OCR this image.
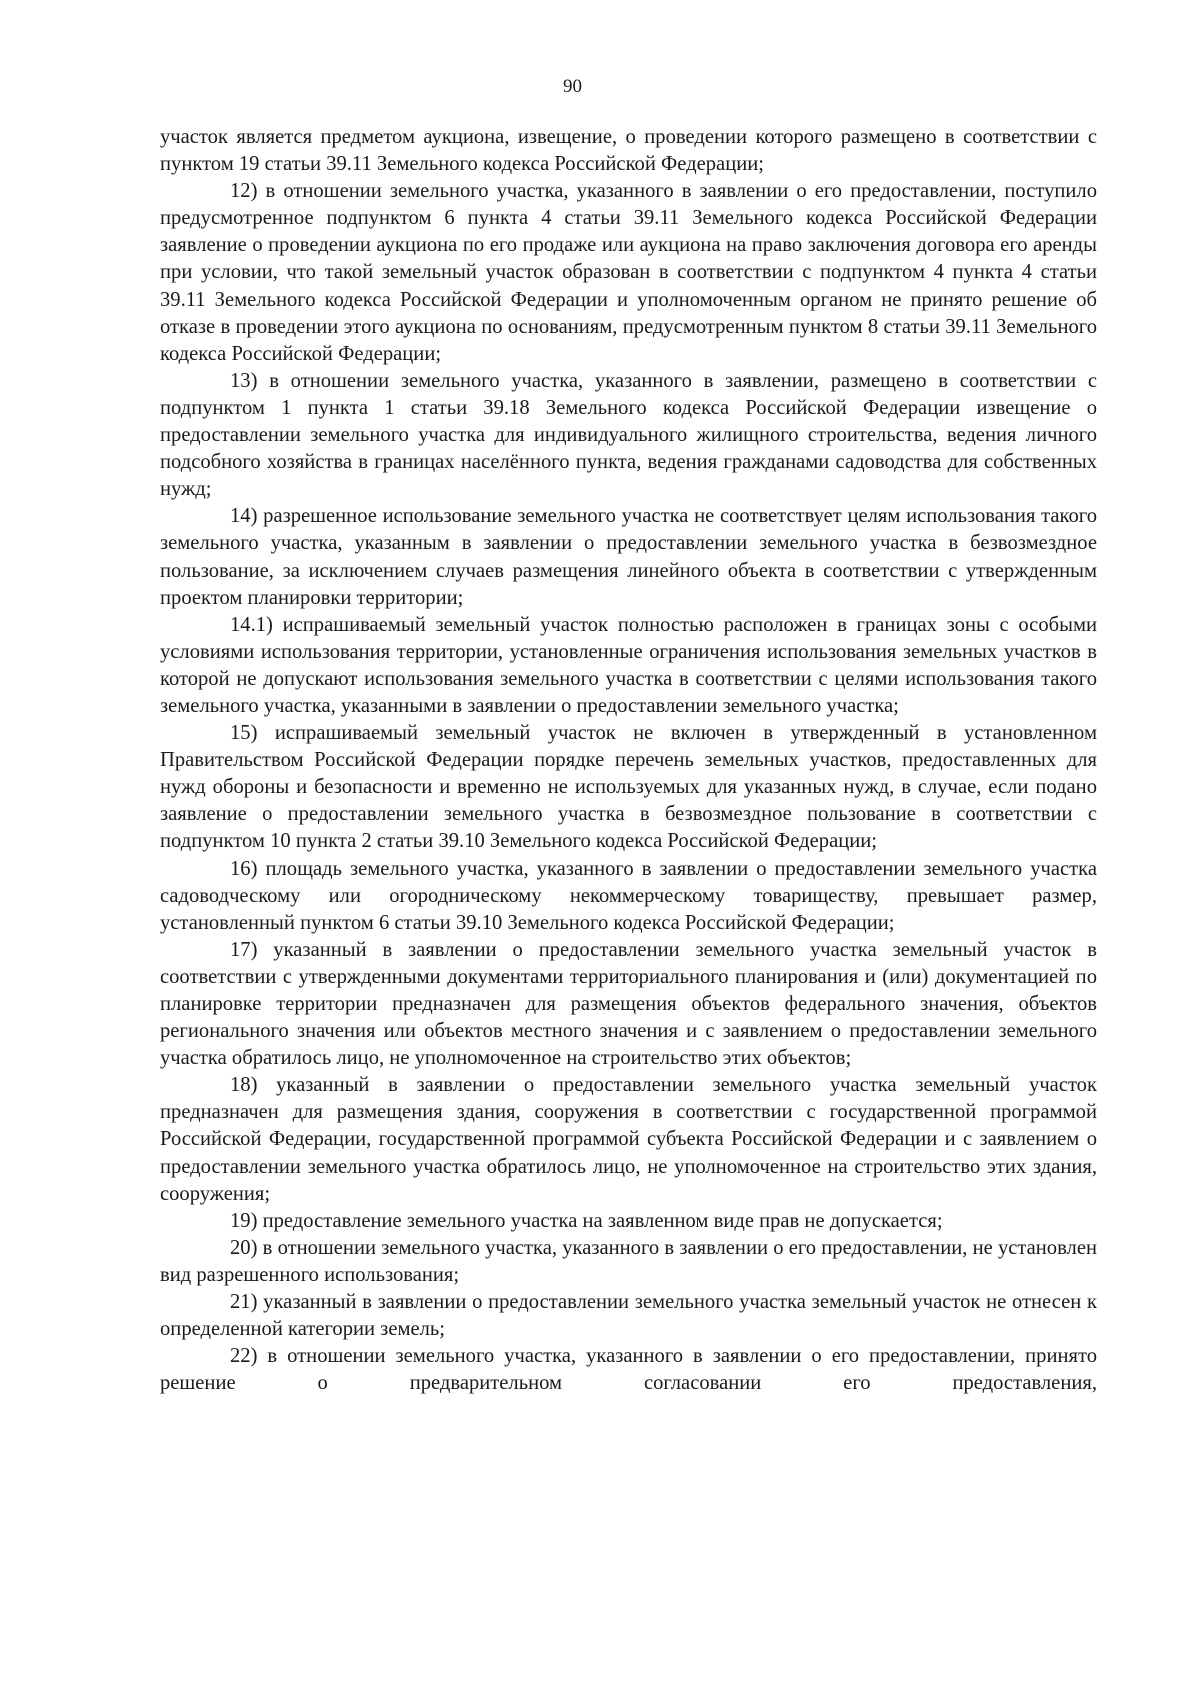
90

участок является предметом аукциона, извещение, о проведении которого размещено в соответствии с пунктом 19 статьи 39.11 Земельного кодекса Российской Федерации;

12) в отношении земельного участка, указанного в заявлении о его предоставлении, поступило предусмотренное подпунктом 6 пункта 4 статьи 39.11 Земельного кодекса Российской Федерации заявление о проведении аукциона по его продаже или аукциона на право заключения договора его аренды при условии, что такой земельный участок образован в соответствии с подпунктом 4 пункта 4 статьи 39.11 Земельного кодекса Российской Федерации и уполномоченным органом не принято решение об отказе в проведении этого аукциона по основаниям, предусмотренным пунктом 8 статьи 39.11 Земельного кодекса Российской Федерации;

13) в отношении земельного участка, указанного в заявлении, размещено в соответствии с подпунктом 1 пункта 1 статьи 39.18 Земельного кодекса Российской Федерации извещение о предоставлении земельного участка для индивидуального жилищного строительства, ведения личного подсобного хозяйства в границах населённого пункта, ведения гражданами садоводства для собственных нужд;

14) разрешенное использование земельного участка не соответствует целям использования такого земельного участка, указанным в заявлении о предоставлении земельного участка в безвозмездное пользование, за исключением случаев размещения линейного объекта в соответствии с утвержденным проектом планировки территории;

14.1) испрашиваемый земельный участок полностью расположен в границах зоны с особыми условиями использования территории, установленные ограничения использования земельных участков в которой не допускают использования земельного участка в соответствии с целями использования такого земельного участка, указанными в заявлении о предоставлении земельного участка;

15) испрашиваемый земельный участок не включен в утвержденный в установленном Правительством Российской Федерации порядке перечень земельных участков, предоставленных для нужд обороны и безопасности и временно не используемых для указанных нужд, в случае, если подано заявление о предоставлении земельного участка в безвозмездное пользование в соответствии с подпунктом 10 пункта 2 статьи 39.10 Земельного кодекса Российской Федерации;

16) площадь земельного участка, указанного в заявлении о предоставлении земельного участка садоводческому или огородническому некоммерческому товариществу, превышает размер, установленный пунктом 6 статьи 39.10 Земельного кодекса Российской Федерации;

17) указанный в заявлении о предоставлении земельного участка земельный участок в соответствии с утвержденными документами территориального планирования и (или) документацией по планировке территории предназначен для размещения объектов федерального значения, объектов регионального значения или объектов местного значения и с заявлением о предоставлении земельного участка обратилось лицо, не уполномоченное на строительство этих объектов;

18) указанный в заявлении о предоставлении земельного участка земельный участок предназначен для размещения здания, сооружения в соответствии с государственной программой Российской Федерации, государственной программой субъекта Российской Федерации и с заявлением о предоставлении земельного участка обратилось лицо, не уполномоченное на строительство этих здания, сооружения;

19) предоставление земельного участка на заявленном виде прав не допускается;

20) в отношении земельного участка, указанного в заявлении о его предоставлении, не установлен вид разрешенного использования;

21) указанный в заявлении о предоставлении земельного участка земельный участок не отнесен к определенной категории земель;

22) в отношении земельного участка, указанного в заявлении о его предоставлении, принято решение о предварительном согласовании его предоставления,
